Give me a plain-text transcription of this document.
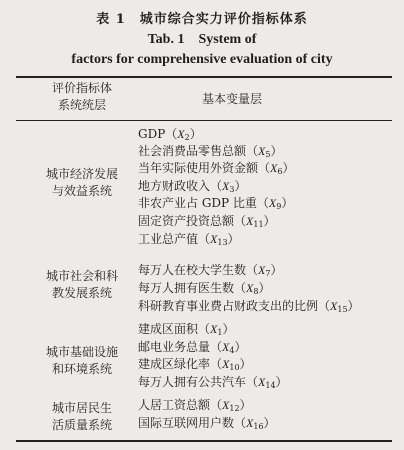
表 1 城市综合实力评价指标体系
Tab. 1    System of
factors for comprehensive evaluation of city
评价指标体
系统统层	基本变量层
城市经济发展
与效益系统
$GDP(X_2)$
社会消费品零售总额$(X_5)$
当年实际使用外资金额$(X_6)$
地方财政收入$(X_3)$
非农产业占 GDP 比重$(X_9)$
固定资产投资总额$(X_{11})$
工业总产值$(X_{13})$
城市社会和科
教发展系统
每万人在校大学生数$(X_7)$
每万人拥有医生数$(X_8)$
科研教育事业费占财政支出的比例$(X_{15})$
城市基础设施
和环境系统
建成区面积$(X_1)$
邮电业务总量$(X_4)$
建成区绿化率$(X_{10})$
每万人拥有公共汽车$(X_{14})$
城市居民生
活质量系统
人居工资总额$(X_{12})$
国际互联网用户数$(X_{16})$
